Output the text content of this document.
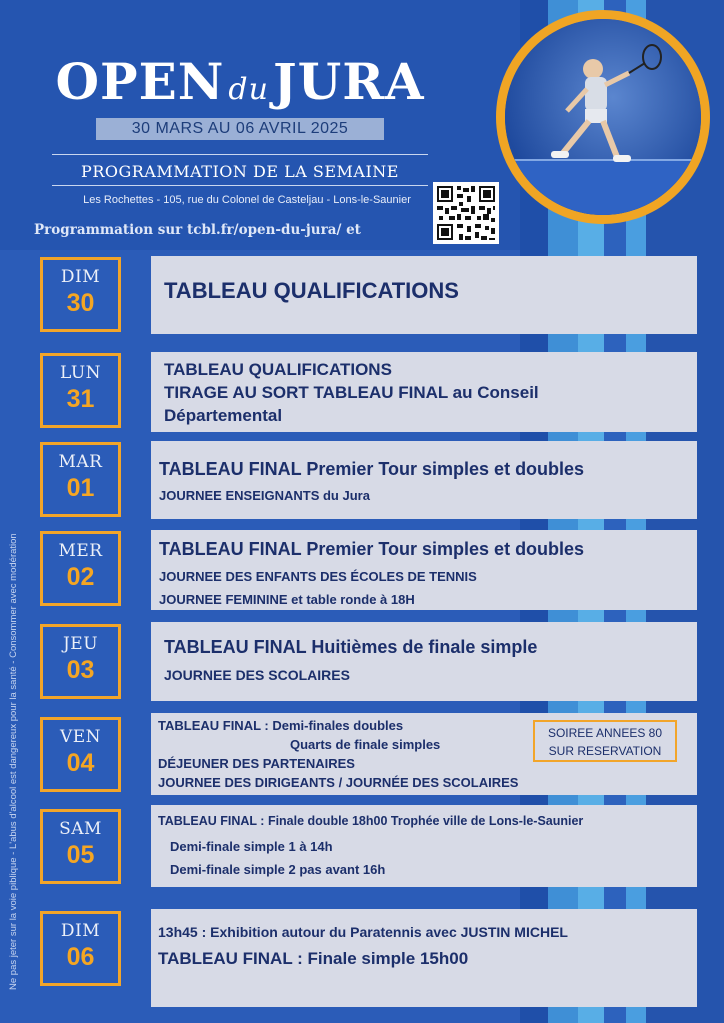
OPEN duJURA
30 MARS AU 06 AVRIL 2025
PROGRAMMATION DE LA SEMAINE
Les Rochettes - 105, rue du Colonel de Casteljau - Lons-le-Saunier
Programmation sur tcbl.fr/open-du-jura/ et
Ne pas jeter sur la voie piblique - L'abus d'alcool est dangereux pour la santé - Consommer avec modération
DIM
30	TABLEAU QUALIFICATIONS
LUN
31
TABLEAU QUALIFICATIONS
TIRAGE AU SORT TABLEAU FINAL au Conseil
Départemental
MAR
01
TABLEAU FINAL Premier Tour simples et doubles
JOURNEE ENSEIGNANTS du Jura
MER
02
TABLEAU FINAL Premier Tour simples et doubles
JOURNEE DES ENFANTS DES ÉCOLES DE TENNIS
JOURNEE FEMININE et table ronde à 18H
JEU
03
TABLEAU FINAL Huitièmes de finale simple
JOURNEE DES SCOLAIRES
VEN
04
TABLEAU FINAL : Demi-finales doubles
Quarts de finale simples
DÉJEUNER DES PARTENAIRES
JOURNEE DES DIRIGEANTS / JOURNÉE DES SCOLAIRES
SOIREE ANNEES 80
SUR RESERVATION
SAM
05
TABLEAU FINAL : Finale double 18h00 Trophée ville de Lons-le-Saunier
Demi-finale simple 1 à 14h
Demi-finale simple 2 pas avant 16h
DIM
06
13h45 : Exhibition autour du Paratennis avec JUSTIN MICHEL
TABLEAU FINAL : Finale simple 15h00
